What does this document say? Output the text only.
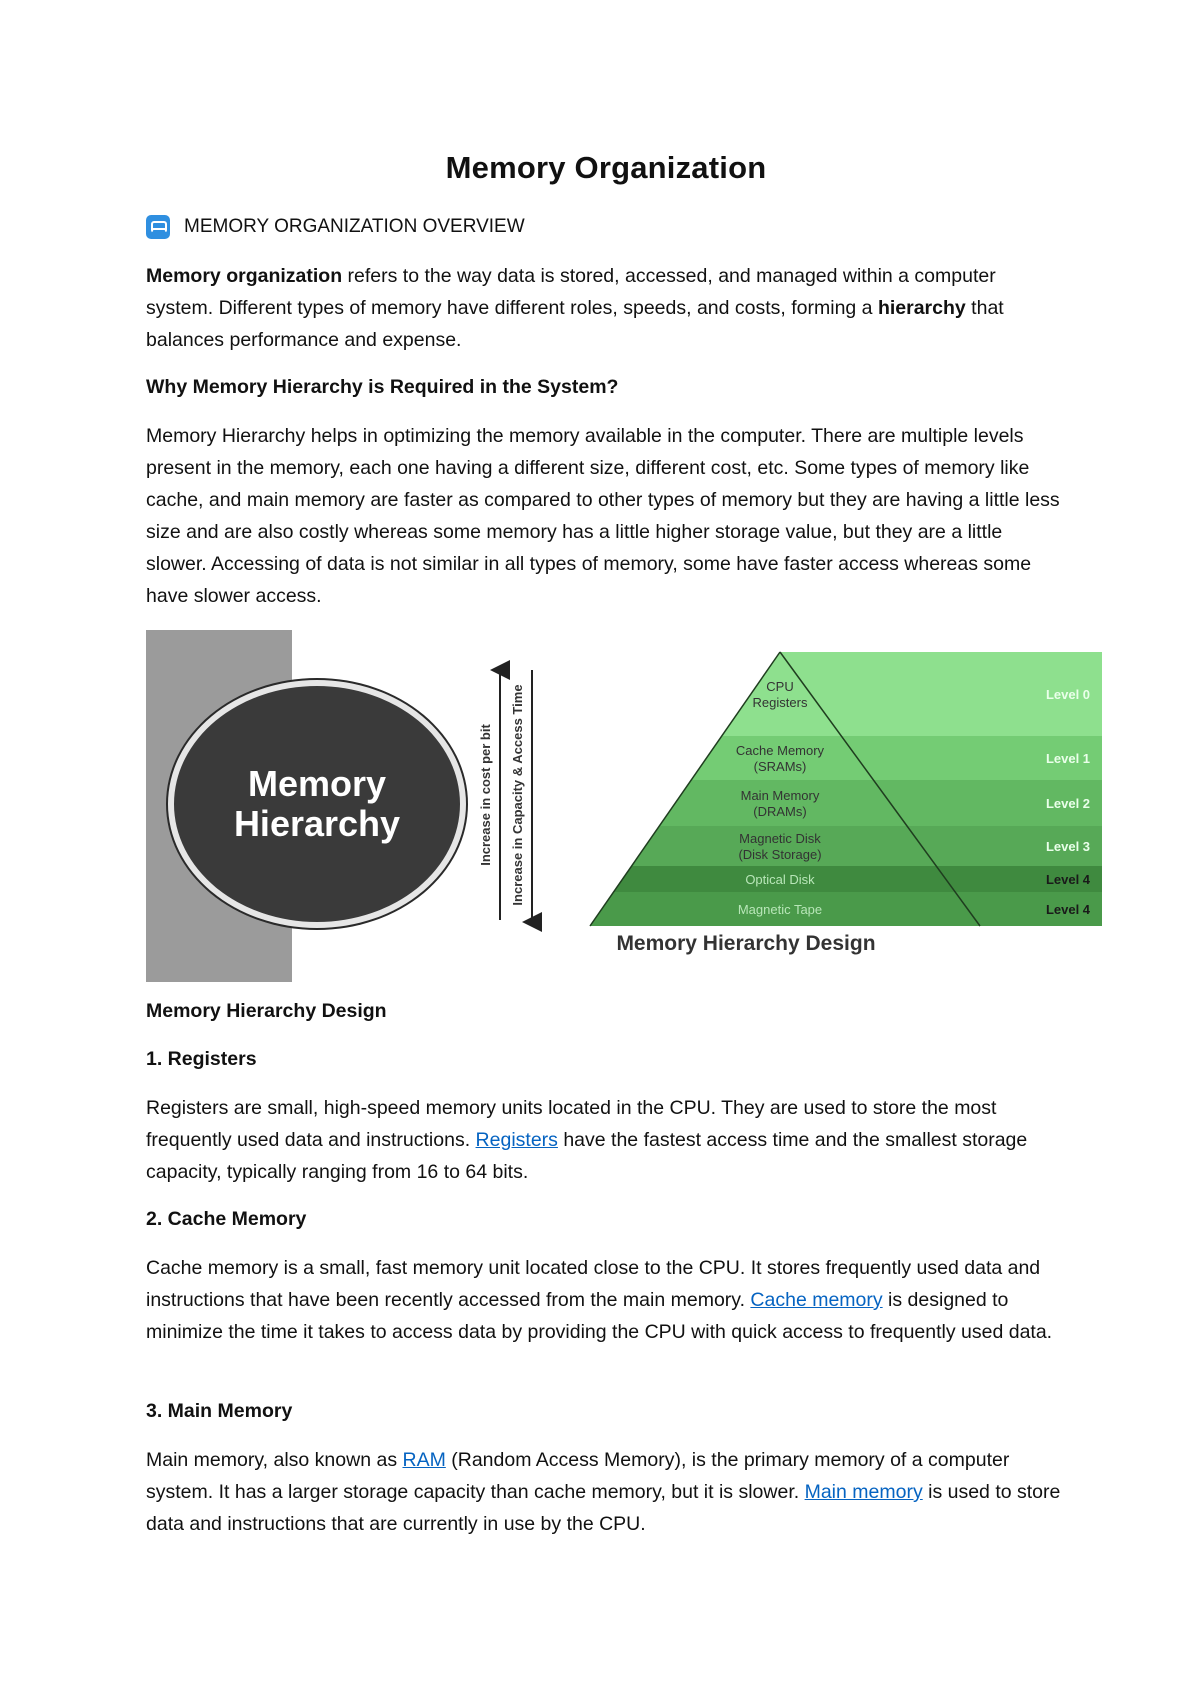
Memory Organization
MEMORY ORGANIZATION OVERVIEW
Memory organization refers to the way data is stored, accessed, and managed within a computer system. Different types of memory have different roles, speeds, and costs, forming a hierarchy that balances performance and expense.
Why Memory Hierarchy is Required in the System?
Memory Hierarchy helps in optimizing the memory available in the computer. There are multiple levels present in the memory, each one having a different size, different cost, etc. Some types of memory like cache, and main memory are faster as compared to other types of memory but they are having a little less size and are also costly whereas some memory has a little higher storage value, but they are a little slower. Accessing of data is not similar in all types of memory, some have faster access whereas some have slower access.
Memory Hierarchy Design
1. Registers
Registers are small, high-speed memory units located in the CPU. They are used to store the most frequently used data and instructions. Registers have the fastest access time and the smallest storage capacity, typically ranging from 16 to 64 bits.
2. Cache Memory
Cache memory is a small, fast memory unit located close to the CPU. It stores frequently used data and instructions that have been recently accessed from the main memory. Cache memory is designed to minimize the time it takes to access data by providing the CPU with quick access to frequently used data.
3. Main Memory
Main memory, also known as RAM (Random Access Memory), is the primary memory of a computer system. It has a larger storage capacity than cache memory, but it is slower. Main memory is used to store data and instructions that are currently in use by the CPU.
Memory
Hierarchy
CPU
Registers
Level 0
Cache Memory
(SRAMs)
Level 1
Main Memory
(DRAMs)
Level 2
Magnetic Disk
(Disk Storage)
Level 3
Optical Disk	Level 4
Magnetic Tape	Level 4
Increase in cost per bit Increase in Capacity & Access Time
Memory Hierarchy Design
